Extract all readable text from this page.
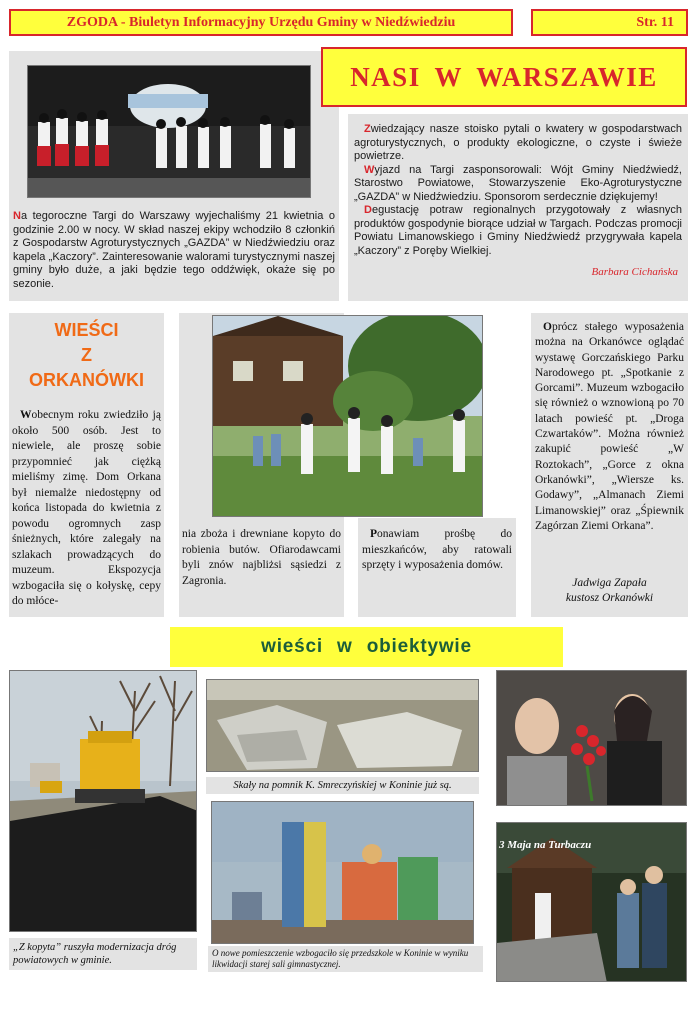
ZGODA - Biuletyn Informacyjny Urzędu Gminy w Niedźwiedziu	Str. 11

Na tegoroczne Targi do Warszawy wyjechaliśmy 21 kwietnia o godzinie 2.00 w nocy. W skład naszej ekipy wchodziło 8 członkiń z Gospodarstw Agroturystycznych „GAZDA” w Niedźwiedziu oraz kapela „Kaczory”. Zainteresowanie walorami turystycznymi naszej gminy było duże, a jaki będzie tego oddźwięk, okaże się po sezonie.

NASI W WARSZAWIE

Zwiedzający nasze stoisko pytali o kwatery w gospodarstwach agroturystycznych, o produkty ekologiczne, o czyste i świeże powietrze.

Wyjazd na Targi zasponsorowali: Wójt Gminy Niedźwiedź, Starostwo Powiatowe, Stowarzyszenie Eko-Agroturystyczne „GAZDA” w Niedźwiedziu. Sponsorom serdecznie dziękujemy!

Degustację potraw regionalnych przygotowały z własnych produktów gospodynie biorące udział w Targach. Podczas promocji Powiatu Limanowskiego i Gminy Niedźwiedź przygrywała kapela „Kaczory” z Poręby Wielkiej.

Barbara Cichańska

WIEŚCI
Z
ORKANÓWKI

Wobecnym roku zwiedziło ją około 500 osób. Jest to niewiele, ale proszę sobie przypomnieć jak ciężką mieliśmy zimę. Dom Orkana był niemalże niedostępny od końca listopada do kwietnia z powodu ogromnych zasp śnieżnych, które zalegały na szlakach prowadzących do muzeum. Ekspozycja wzbogaciła się o kołyskę, cepy do młóce-

nia zboża i drewniane kopyto do robienia butów. Ofiarodawcami byli znów najbliżsi sąsiedzi z Zagronia.

Ponawiam prośbę do mieszkańców, aby ratowali sprzęty i wyposażenia domów.

Oprócz stałego wyposażenia można na Orkanówce oglądać wystawę Gorczańskiego Parku Narodowego pt. „Spotkanie z Gorcami”. Muzeum wzbogaciło się również o wznowioną po 70 latach powieść pt. „Droga Czwartaków”. Można również zakupić powieść „W Roztokach”, „Gorce z okna Orkanówki”, „Wiersze ks. Godawy”, „Almanach Ziemi Limanowskiej” oraz „Śpiewnik Zagórzan Ziemi Orkana”.

Jadwiga Zapała
kustosz Orkanówki
wieści w obiektywie
„Z kopyta” ruszyła modernizacja dróg powiatowych w gminie.
Skały na pomnik K. Smreczyńskiej w Koninie już są.
O nowe pomieszczenie wzbogaciło się przedszkole w Koninie w wyniku likwidacji starej sali gimnastycznej.
3 Maja na Turbaczu
